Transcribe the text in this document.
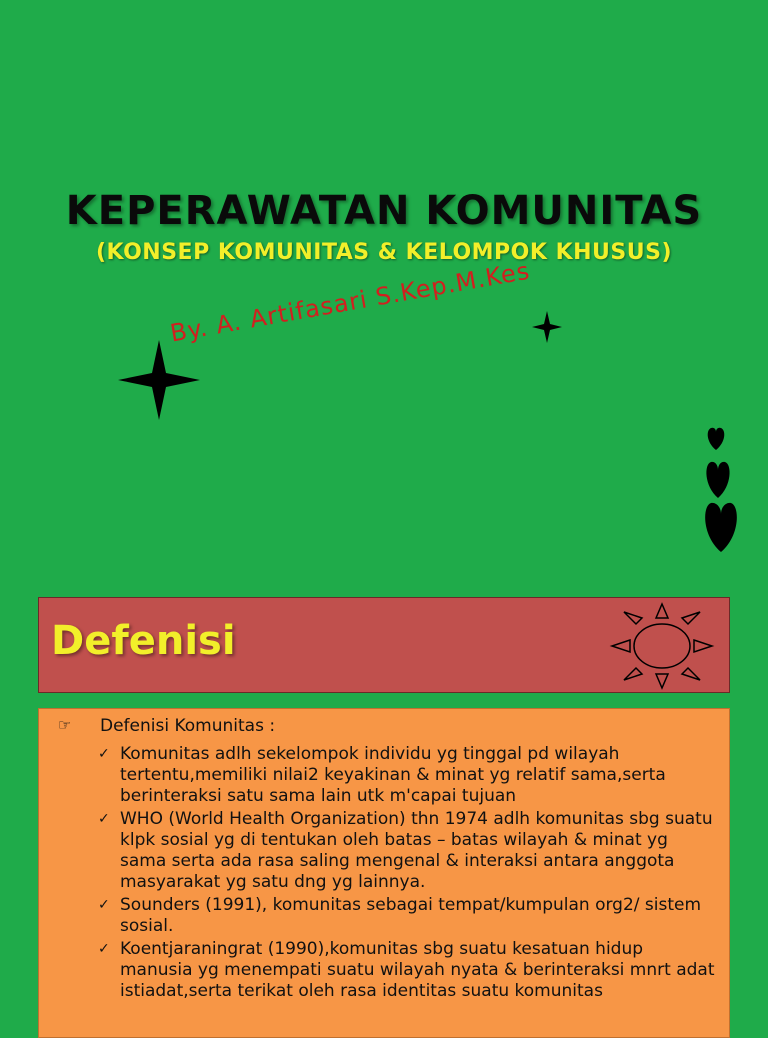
KEPERAWATAN KOMUNITAS
(KONSEP KOMUNITAS & KELOMPOK KHUSUS)
By. A. Artifasari S.Kep.M.Kes
Defenisi
☞ Defenisi Komunitas :
✓ Komunitas adlh sekelompok individu yg tinggal pd wilayah tertentu,memiliki nilai2 keyakinan & minat yg relatif sama,serta berinteraksi satu sama lain utk m'capai tujuan
✓ WHO (World Health Organization) thn 1974 adlh komunitas sbg suatu klpk sosial yg di tentukan oleh batas – batas wilayah & minat yg sama serta ada rasa saling mengenal & interaksi antara anggota masyarakat yg satu dng yg lainnya.
✓ Sounders (1991), komunitas sebagai tempat/kumpulan org2/ sistem sosial.
✓ Koentjaraningrat (1990),komunitas sbg suatu kesatuan hidup manusia yg menempati suatu wilayah nyata & berinteraksi mnrt adat istiadat,serta terikat oleh rasa identitas suatu komunitas
